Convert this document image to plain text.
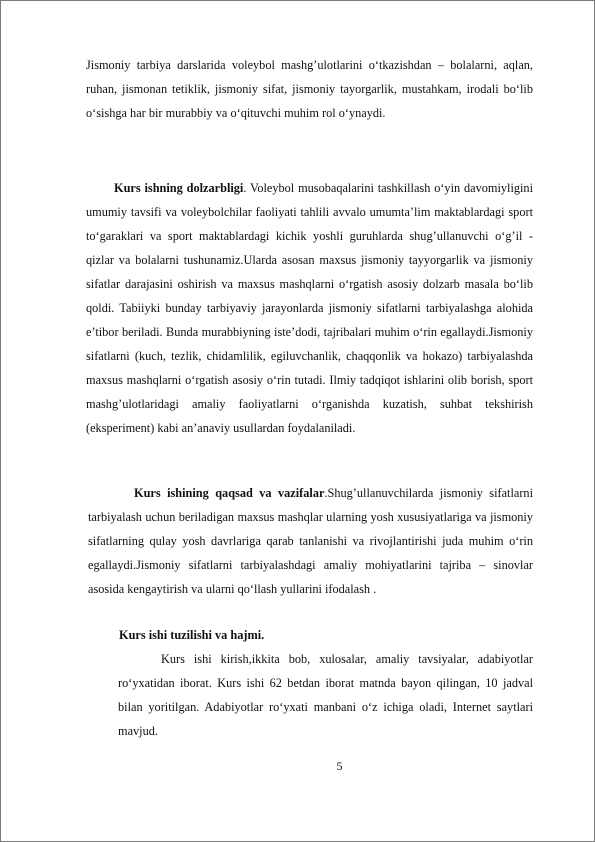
Jismoniy tarbiya darslarida voleybol mashg’ulotlarini o‘tkazishdan – bolalarni, aqlan, ruhan, jismonan tetiklik, jismoniy sifat, jismoniy tayorgarlik, mustahkam, irodali bo‘lib o‘sishga har bir murabbiy va o‘qituvchi muhim rol o‘ynaydi.

Kurs ishning dolzarbligi. Voleybol musobaqalarini tashkillash o‘yin davomiyligini umumiy tavsifi va voleybolchilar faoliyati tahlili avvalo umumta’lim maktablardagi sport to‘garaklari va sport maktablardagi kichik yoshli guruhlarda shug’ullanuvchi o‘g’il - qizlar va bolalarni tushunamiz.Ularda asosan maxsus jismoniy tayyorgarlik va jismoniy sifatlar darajasini oshirish va maxsus mashqlarni o‘rgatish asosiy dolzarb masala bo‘lib qoldi. Tabiiyki bunday tarbiyaviy jarayonlarda jismoniy sifatlarni tarbiyalashga alohida e’tibor beriladi. Bunda murabbiyning iste’dodi, tajribalari muhim o‘rin egallaydi.Jismoniy sifatlarni (kuch, tezlik, chidamlilik, egiluvchanlik, chaqqonlik va hokazo) tarbiyalashda maxsus mashqlarni o‘rgatish asosiy o‘rin tutadi. Ilmiy tadqiqot ishlarini olib borish, sport mashg’ulotlaridagi amaliy faoliyatlarni o‘rganishda kuzatish, suhbat tekshirish (eksperiment) kabi an’anaviy usullardan foydalaniladi.

Kurs ishining qaqsad va vazifalar.Shug’ullanuvchilarda jismoniy sifatlarni tarbiyalash uchun beriladigan maxsus mashqlar ularning yosh xususiyatlariga va jismoniy sifatlarning qulay yosh davrlariga qarab tanlanishi va rivojlantirishi juda muhim o‘rin egallaydi.Jismoniy sifatlarni tarbiyalashdagi amaliy mohiyatlarini tajriba – sinovlar asosida kengaytirish va ularni qo‘llash yullarini ifodalash .

Kurs ishi tuzilishi va hajmi.

Kurs ishi kirish,ikkita bob, xulosalar, amaliy tavsiyalar, adabiyotlar ro‘yxatidan iborat. Kurs ishi 62 betdan iborat matnda bayon qilingan, 10 jadval bilan yoritilgan. Adabiyotlar ro‘yxati manbani o‘z ichiga oladi, Internet saytlari mavjud.

5
